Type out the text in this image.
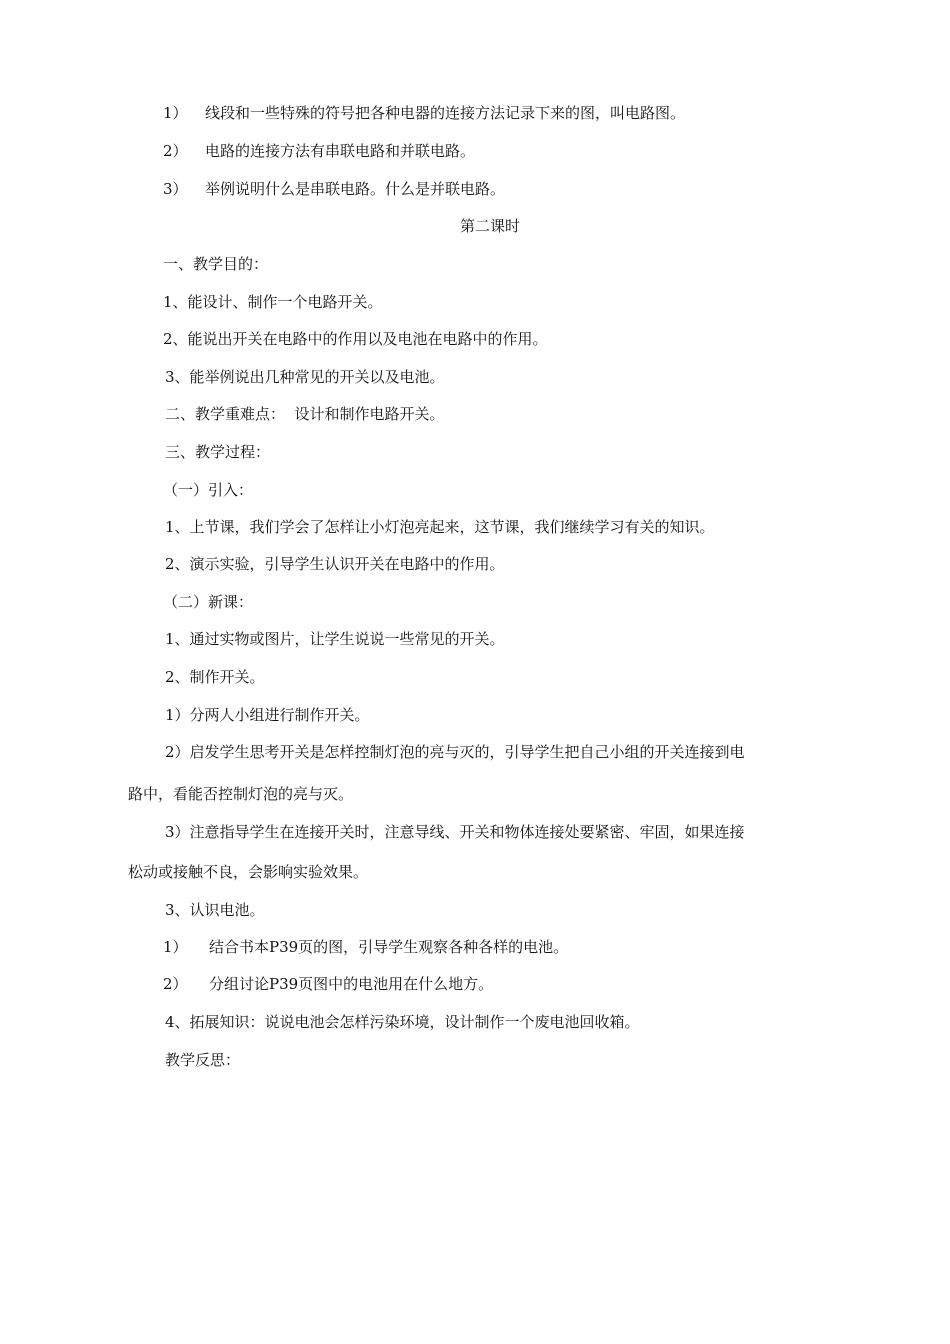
1） 线段和一些特殊的符号把各种电器的连接方法记录下来的图，叫电路图。
2） 电路的连接方法有串联电路和并联电路。
3） 举例说明什么是串联电路。什么是并联电路。
第二课时
一、教学目的：
1、能设计、制作一个电路开关。
2、能说出开关在电路中的作用以及电池在电路中的作用。
3、能举例说出几种常见的开关以及电池。
二、教学重难点：  设计和制作电路开关。
三、教学过程：
（一）引入：
1、上节课，我们学会了怎样让小灯泡亮起来，这节课，我们继续学习有关的知识。
2、演示实验，引导学生认识开关在电路中的作用。
（二）新课：
1、通过实物或图片，让学生说说一些常见的开关。
2、制作开关。
1）分两人小组进行制作开关。
2）启发学生思考开关是怎样控制灯泡的亮与灭的，引导学生把自己小组的开关连接到电
路中，看能否控制灯泡的亮与灭。
3）注意指导学生在连接开关时，注意导线、开关和物体连接处要紧密、牢固，如果连接
松动或接触不良，会影响实验效果。
3、认识电池。
1） 结合书本P39页的图，引导学生观察各种各样的电池。
2） 分组讨论P39页图中的电池用在什么地方。
4、拓展知识：说说电池会怎样污染环境，设计制作一个废电池回收箱。
教学反思：
